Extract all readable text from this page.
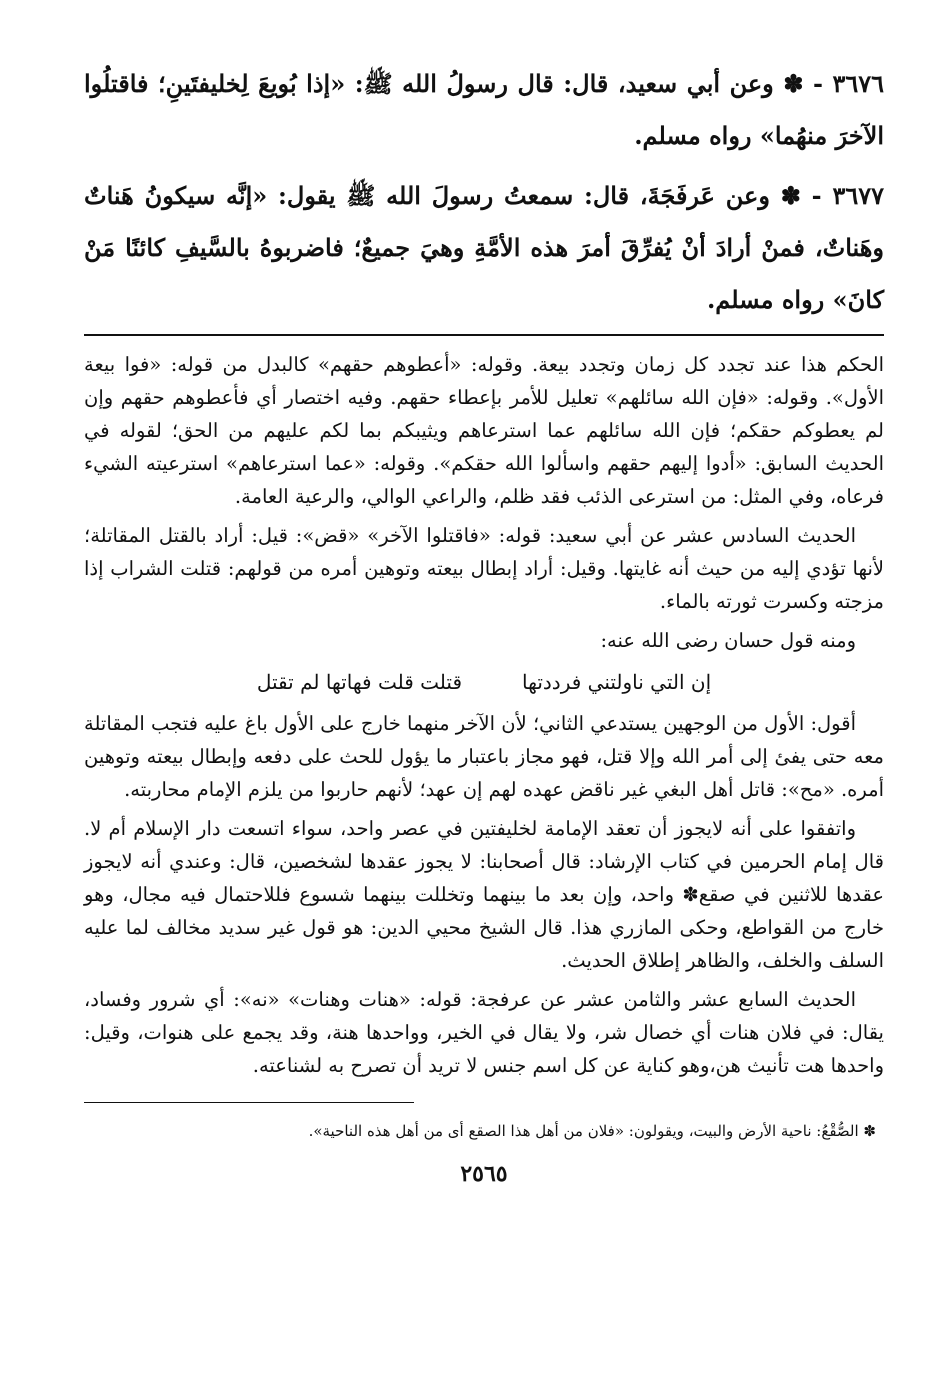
٣٦٧٦ - ✽ وعن أبي سعيد، قال: قال رسولُ الله ﷺ: «إذا بُويعَ لِخليفتَينِ؛ فاقتلُوا الآخرَ منهُما» رواه مسلم.

٣٦٧٧ - ✽ وعن عَرفَجَةَ، قال: سمعتُ رسولَ الله ﷺ يقول: «إنَّه سيكونُ هَناتٌ وهَناتٌ، فمنْ أرادَ أنْ يُفرِّقَ أمرَ هذه الأمَّةِ وهيَ جميعٌ؛ فاضربوهُ بالسَّيفِ كائنًا مَنْ كانَ» رواه مسلم.

الحكم هذا عند تجدد كل زمان وتجدد بيعة. وقوله: «أعطوهم حقهم» كالبدل من قوله: «فوا بيعة الأول». وقوله: «فإن الله سائلهم» تعليل للأمر بإعطاء حقهم. وفيه اختصار أي فأعطوهم حقهم وإن لم يعطوكم حقكم؛ فإن الله سائلهم عما استرعاهم ويثيبكم بما لكم عليهم من الحق؛ لقوله في الحديث السابق: «أدوا إليهم حقهم واسألوا الله حقكم». وقوله: «عما استرعاهم» استرعيته الشيء فرعاه، وفي المثل: من استرعى الذئب فقد ظلم، والراعي الوالي، والرعية العامة.

الحديث السادس عشر عن أبي سعيد: قوله: «فاقتلوا الآخر» «قض»: قيل: أراد بالقتل المقاتلة؛ لأنها تؤدي إليه من حيث أنه غايتها. وقيل: أراد إبطال بيعته وتوهين أمره من قولهم: قتلت الشراب إذا مزجته وكسرت ثورته بالماء.

ومنه قول حسان رضى الله عنه:

إن التي ناولتني فرددتها
قتلت قلت فهاتها لم تقتل

أقول: الأول من الوجهين يستدعي الثاني؛ لأن الآخر منهما خارج على الأول باغ عليه فتجب المقاتلة معه حتى يفئ إلى أمر الله وإلا قتل، فهو مجاز باعتبار ما يؤول للحث على دفعه وإبطال بيعته وتوهين أمره. «مح»: قاتل أهل البغي غير ناقض عهده لهم إن عهد؛ لأنهم حاربوا من يلزم الإمام محاربته.

واتفقوا على أنه لايجوز أن تعقد الإمامة لخليفتين في عصر واحد، سواء اتسعت دار الإسلام أم لا. قال إمام الحرمين في كتاب الإرشاد: قال أصحابنا: لا يجوز عقدها لشخصين، قال: وعندي أنه لايجوز عقدها للاثنين في صقع✽ واحد، وإن بعد ما بينهما وتخللت بينهما شسوع فللاحتمال فيه مجال، وهو خارج من القواطع، وحكى المازري هذا. قال الشيخ محيي الدين: هو قول غير سديد مخالف لما عليه السلف والخلف، والظاهر إطلاق الحديث.

الحديث السابع عشر والثامن عشر عن عرفجة: قوله: «هنات وهنات» «نه»: أي شرور وفساد، يقال: في فلان هنات أي خصال شر، ولا يقال في الخير، وواحدها هنة، وقد يجمع على هنوات، وقيل: واحدها هت تأنيث هن،وهو كناية عن كل اسم جنس لا تريد أن تصرح به لشناعته.

✽ الصُّقْعُ: ناحية الأرض والبيت، ويقولون: «فلان من أهل هذا الصقع أى من أهل هذه الناحية».

٢٥٦٥
